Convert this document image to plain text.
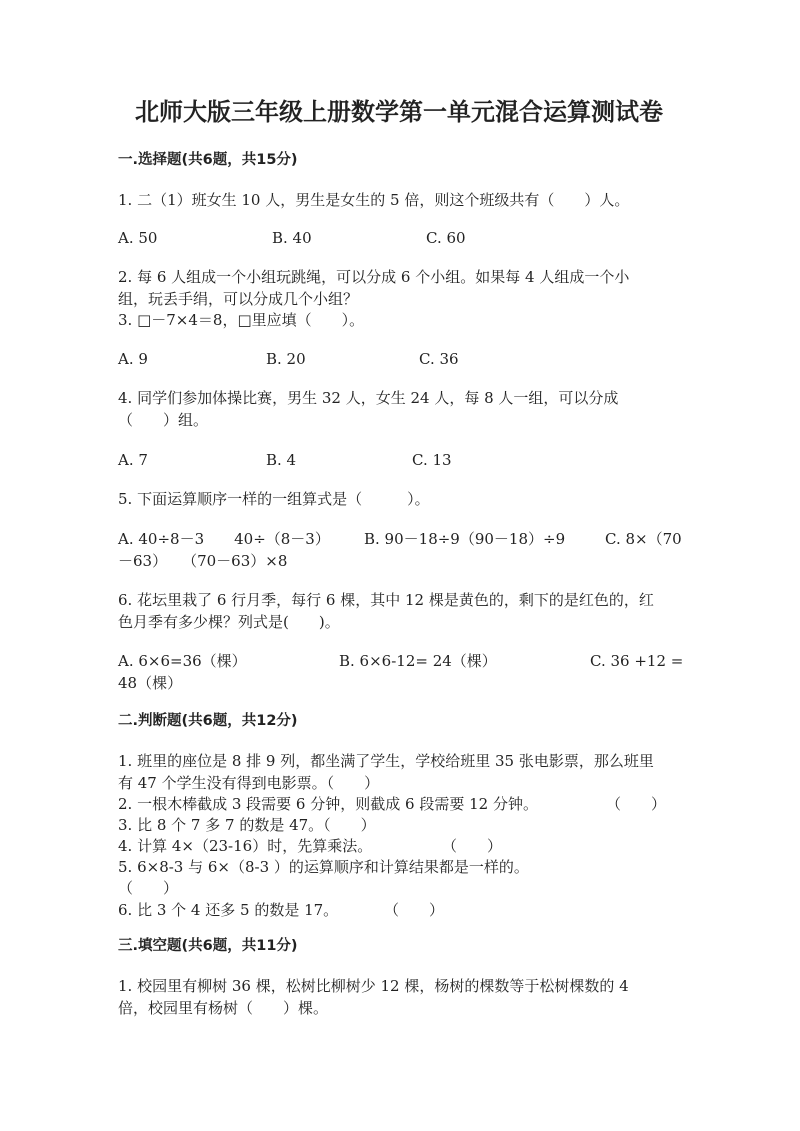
北师大版三年级上册数学第一单元混合运算测试卷
一.选择题(共6题，共15分)
1. 二（1）班女生 10 人，男生是女生的 5 倍，则这个班级共有（　　）人。
A. 50	B. 40	C. 60
2. 每 6 人组成一个小组玩跳绳，可以分成 6 个小组。如果每 4 人组成一个小
组，玩丢手绢，可以分成几个小组？
3. □－7×4＝8，□里应填（　　）。
A. 9	B. 20	C. 36
4. 同学们参加体操比赛，男生 32 人，女生 24 人，每 8 人一组，可以分成
（　　）组。
A. 7	B. 4	C. 13
5. 下面运算顺序一样的一组算式是（　　　）。
A. 40÷8－3　　40÷（8－3） B. 90－18÷9（90－18）÷9	C. 8×（70
－63）　　（70－63）×8
6. 花坛里栽了 6 行月季，每行 6 棵，其中 12 棵是黄色的，剩下的是红色的，红
色月季有多少棵？列式是(　　)。
A. 6×6=36（棵）	B. 6×6-12= 24（棵）	C. 36 +12 =
48（棵）
二.判断题(共6题，共12分)
1. 班里的座位是 8 排 9 列，都坐满了学生，学校给班里 35 张电影票，那么班里
有 47 个学生没有得到电影票。（　　）
2. 一根木棒截成 3 段需要 6 分钟，则截成 6 段需要 12 分钟。	（　　）
3. 比 8 个 7 多 7 的数是 47。（　　）
4. 计算 4×（23-16）时，先算乘法。	（　　）
5. 6×8-3 与 6×（8-3 ）的运算顺序和计算结果都是一样的。
（　　）
6. 比 3 个 4 还多 5 的数是 17。	（　　）
三.填空题(共6题，共11分)
1. 校园里有柳树 36 棵，松树比柳树少 12 棵，杨树的棵数等于松树棵数的 4
倍，校园里有杨树（　　）棵。
